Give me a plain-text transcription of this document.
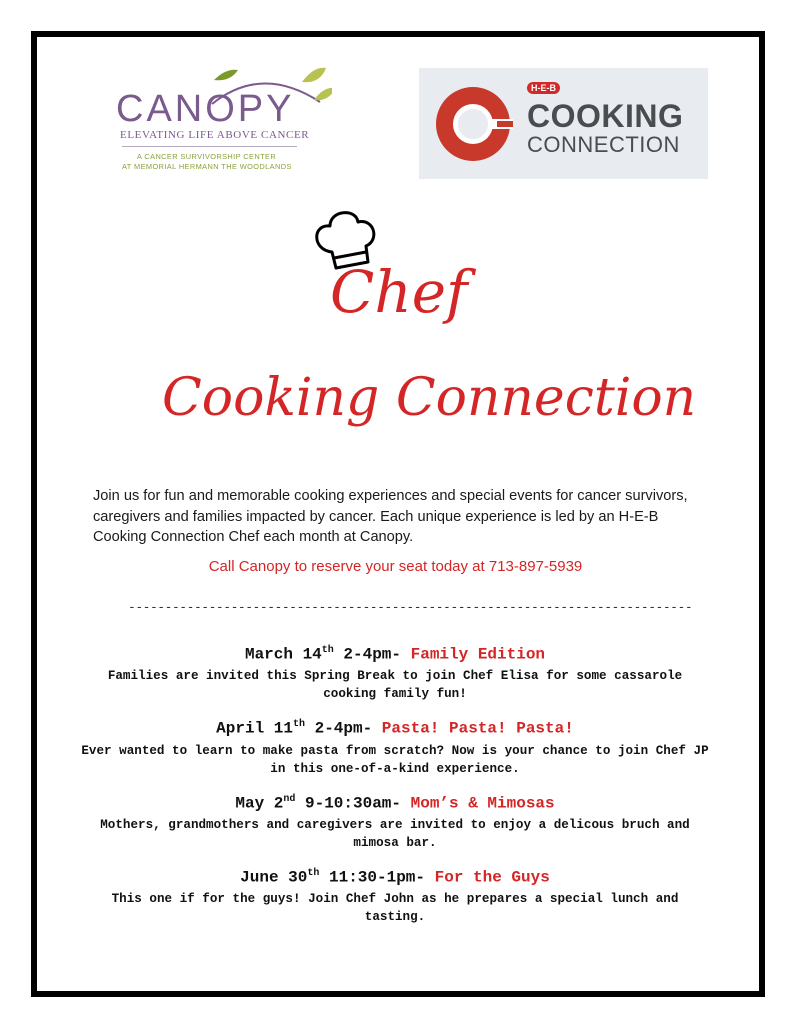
CANOPY
ELEVATING LIFE ABOVE CANCER
A CANCER SURVIVORSHIP CENTER
AT MEMORIAL HERMANN THE WOODLANDS
H-E-B
COOKING
CONNECTION
Chef
Cooking Connection
Join us for fun and memorable cooking experiences and special events for cancer survivors, caregivers and families impacted by cancer. Each unique experience is led by an H-E-B Cooking Connection Chef each month at Canopy.
Call Canopy to reserve your seat today at 713-897-5939
-----------------------------------------------------------------------------
March 14th 2-4pm- Family Edition
Families are invited this Spring Break to join Chef Elisa for some cassarole cooking family fun!
April 11th 2-4pm- Pasta! Pasta! Pasta!
Ever wanted to learn to make pasta from scratch? Now is your chance to join Chef JP in this one-of-a-kind experience.
May 2nd 9-10:30am- Mom’s & Mimosas
Mothers, grandmothers and caregivers are invited to enjoy a delicous bruch and mimosa bar.
June 30th 11:30-1pm- For the Guys
This one if for the guys! Join Chef John as he prepares a special lunch and tasting.
